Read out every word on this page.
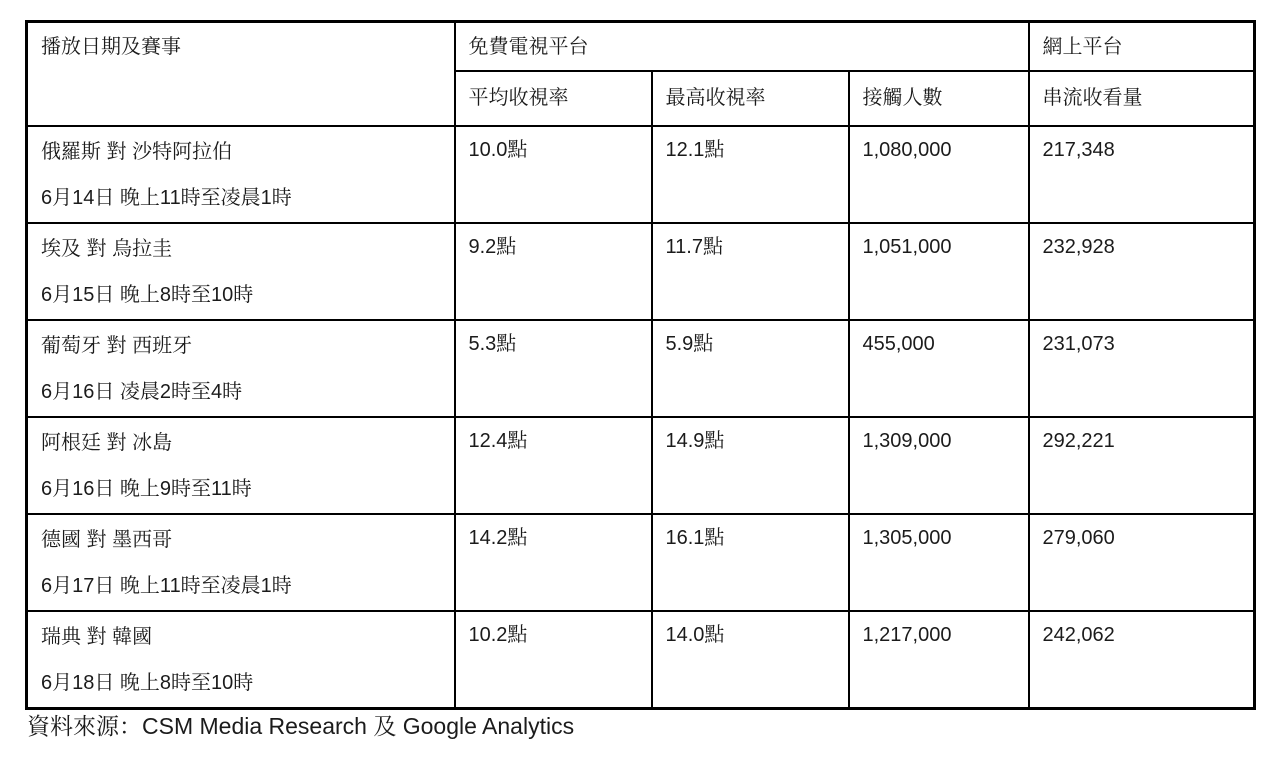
播放日期及賽事	免費電視平台			網上平台
	平均收視率	最高收視率	接觸人數	串流收看量

俄羅斯 對 沙特阿拉伯
6月14日 晚上11時至凌晨1時	10.0點	12.1點	1,080,000	217,348

埃及 對 烏拉圭
6月15日 晚上8時至10時	9.2點	11.7點	1,051,000	232,928

葡萄牙 對 西班牙
6月16日 凌晨2時至4時	5.3點	5.9點	455,000	231,073

阿根廷 對 冰島
6月16日 晚上9時至11時	12.4點	14.9點	1,309,000	292,221

德國 對 墨西哥
6月17日 晚上11時至凌晨1時	14.2點	16.1點	1,305,000	279,060

瑞典 對 韓國
6月18日 晚上8時至10時	10.2點	14.0點	1,217,000	242,062
資料來源：CSM Media Research 及 Google Analytics
